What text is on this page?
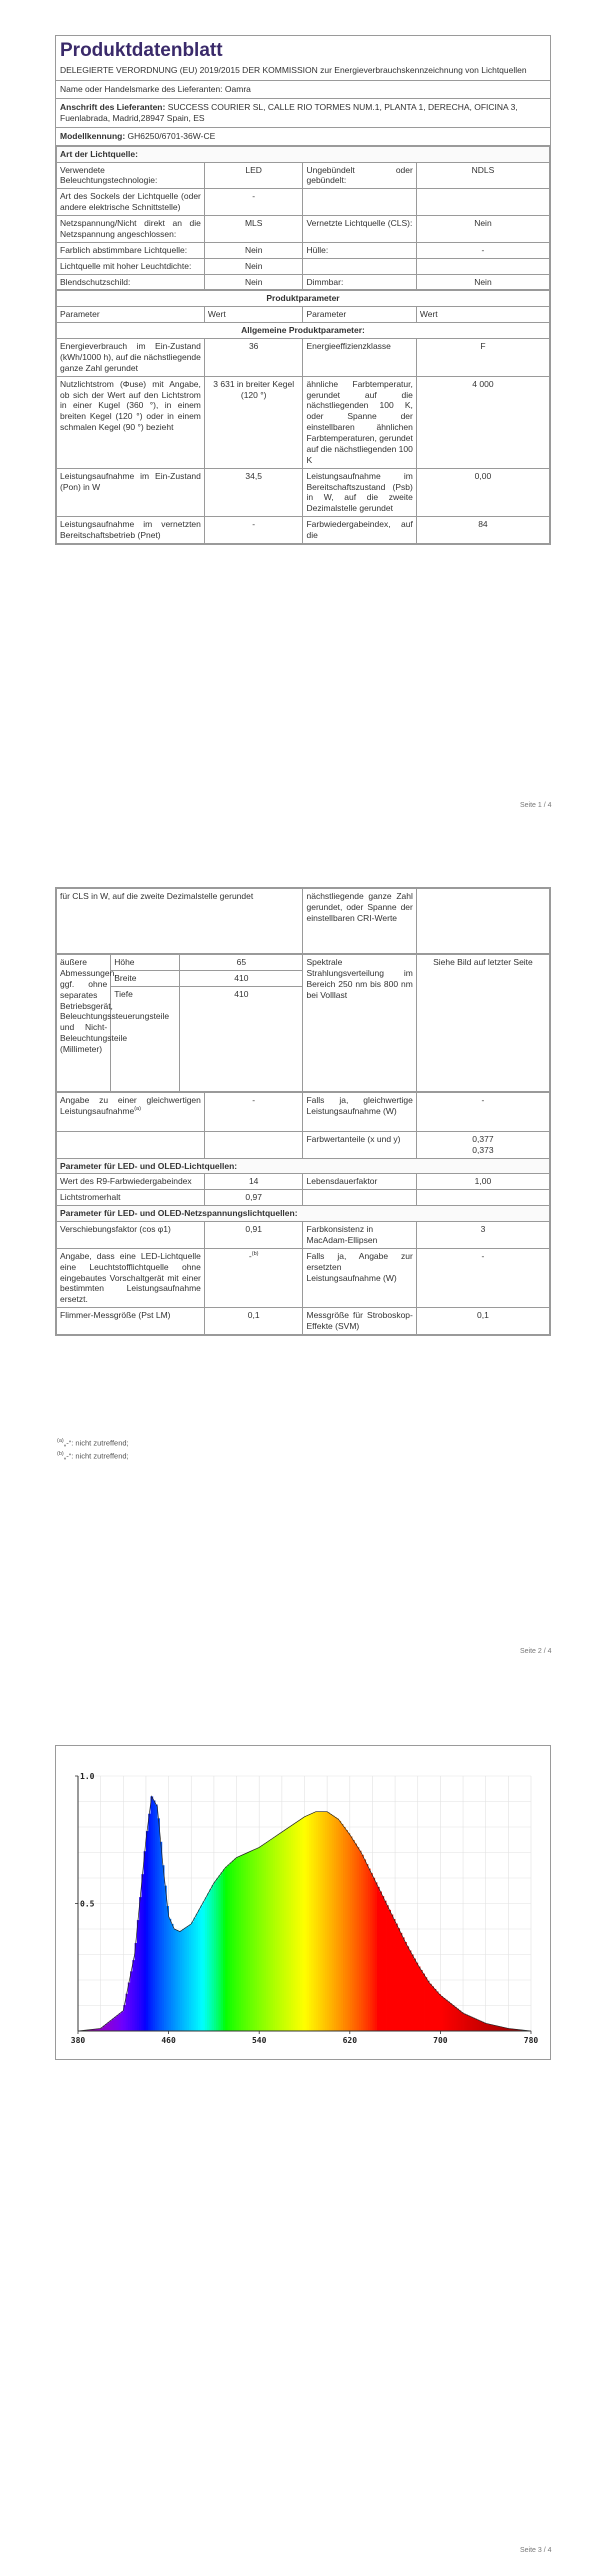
Produktdatenblatt
DELEGIERTE VERORDNUNG (EU) 2019/2015 DER KOMMISSION zur Energieverbrauchskennzeichnung von Lichtquellen
Name oder Handelsmarke des Lieferanten: Oamra
Anschrift des Lieferanten: SUCCESS COURIER SL, CALLE RIO TORMES NUM.1, PLANTA 1, DERECHA, OFICINA 3, Fuenlabrada, Madrid,28947 Spain, ES
Modellkennung: GH6250/6701-36W-CE
Art der Lichtquelle:			
Verwendete Beleuchtungstechnologie:	LED	Ungebündelt oder gebündelt:	NDLS
Art des Sockels der Lichtquelle (oder andere elektrische Schnittstelle)	-		
Netzspannung/Nicht direkt an die Netzspannung angeschlossen:	MLS	Vernetzte Lichtquelle (CLS):	Nein
Farblich abstimmbare Lichtquelle:	Nein	Hülle:	-
Lichtquelle mit hoher Leuchtdichte:	Nein		
Blendschutzschild:	Nein	Dimmbar:	Nein
Produktparameter			
Parameter	Wert	Parameter	Wert
Allgemeine Produktparameter:			
Energieverbrauch im Ein-Zustand (kWh/1000 h), auf die nächstliegende ganze Zahl gerundet	36	Energieeffizienzklasse	F
Nutzlichtstrom (Φuse) mit Angabe, ob sich der Wert auf den Lichtstrom in einer Kugel (360 °), in einem breiten Kegel (120 °) oder in einem schmalen Kegel (90 °) bezieht	3 631 in breiter Kegel (120 °)	ähnliche Farbtemperatur, gerundet auf die nächstliegenden 100 K, oder Spanne der einstellbaren ähnlichen Farbtemperaturen, gerundet auf die nächstliegenden 100 K	4 000
Leistungsaufnahme im Ein-Zustand (Pon) in W	34,5	Leistungsaufnahme im Bereitschaftszustand (Psb) in W, auf die zweite Dezimalstelle gerundet	0,00
Leistungsaufnahme im vernetzten Bereitschaftsbetrieb (Pnet)	-	Farbwiedergabeindex, auf die	84
Seite 1 / 4
für CLS in W, auf die zweite Dezimalstelle gerundet	nächstliegende ganze Zahl gerundet, oder Spanne der einstellbaren CRI-Werte	
äußere Abmessungen, ggf. ohne separates Betriebsgerät, Beleuchtungssteuerungsteile und Nicht-Beleuchtungsteile (Millimeter)	Höhe	65	Spektrale Strahlungsverteilung im Bereich 250 nm bis 800 nm bei Volllast	Siehe Bild auf letzter Seite
	Breite	410		
	Tiefe	410		
Angabe zu einer gleichwertigen Leistungsaufnahme$^{(a)}$	-	Falls ja, gleichwertige Leistungsaufnahme (W)	-
		Farbwertanteile (x und y)	0,377
0,373
Parameter für LED- und OLED-Lichtquellen:			
Wert des R9-Farbwiedergabeindex	14	Lebensdauerfaktor	1,00
Lichtstromerhalt	0,97		
Parameter für LED- und OLED-Netzspannungslichtquellen:			
Verschiebungsfaktor (cos φ1)	0,91	Farbkonsistenz in MacAdam-Ellipsen	3
Angabe, dass eine LED-Lichtquelle eine Leuchtstofflichtquelle ohne eingebautes Vorschaltgerät mit einer bestimmten Leistungsaufnahme ersetzt.	-$^{(b)}$	Falls ja, Angabe zur ersetzten Leistungsaufnahme (W)	-
Flimmer-Messgröße (Pst LM)	0,1	Messgröße für Stroboskop-Effekte (SVM)	0,1
$^{(a)}$„-“: nicht zutreffend;
$^{(b)}$„-“: nicht zutreffend;
Seite 2 / 4
Seite 3 / 4
380	460	540	620	700	780
0.5
1.0
